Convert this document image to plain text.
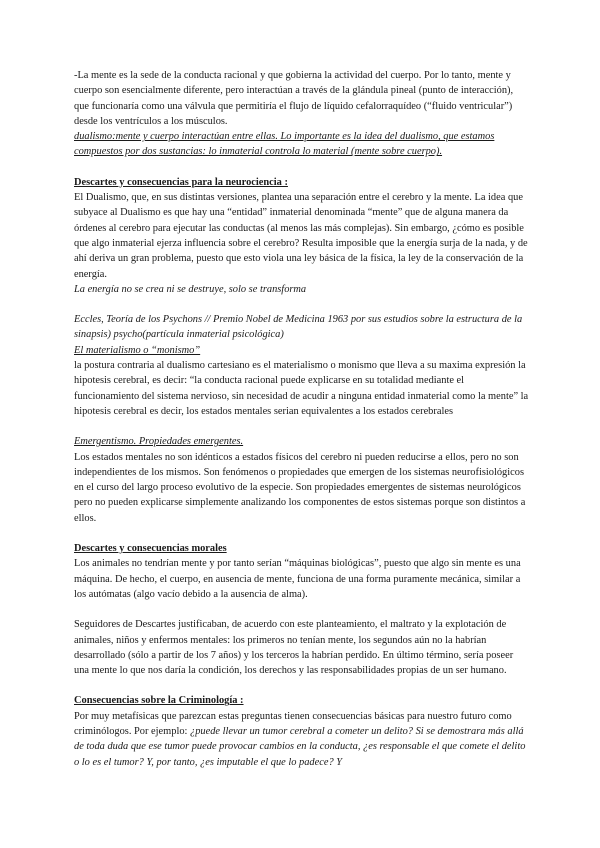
-La mente es la sede de la conducta racional y que gobierna la actividad del cuerpo. Por lo tanto, mente y cuerpo son esencialmente diferente, pero interactúan a través de la glándula pineal (punto de interacción), que funcionaría como una válvula que permitiría el flujo de líquido cefalorraquídeo (“fluido ventricular”) desde los ventrículos a los músculos.

dualismo:mente y cuerpo interactúan entre ellas. Lo importante es la idea del dualismo, que estamos compuestos por dos sustancias: lo inmaterial controla lo material (mente sobre cuerpo).

Descartes y consecuencias para la neurociencia :

El Dualismo, que, en sus distintas versiones, plantea una separación entre el cerebro y la mente. La idea que subyace al Dualismo es que hay una “entidad” inmaterial denominada “mente” que de alguna manera da órdenes al cerebro para ejecutar las conductas (al menos las más complejas). Sin embargo, ¿cómo es posible que algo inmaterial ejerza influencia sobre el cerebro? Resulta imposible que la energía surja de la nada, y de ahí deriva un gran problema, puesto que esto viola una ley básica de la física, la ley de la conservación de la energía.

La energía no se crea ni se destruye, solo se transforma

Eccles, Teoría de los Psychons // Premio Nobel de Medicina 1963 por sus estudios sobre la estructura de la sinapsis) psycho(partícula inmaterial psicológica)

El materialismo o “monismo”

la postura contraria al dualismo cartesiano es el materialismo o monismo que lleva a su maxima expresión la hipotesis cerebral, es decir: “la conducta racional puede explicarse en su totalidad mediante el funcionamiento del sistema nervioso, sin necesidad de acudir a ninguna entidad inmaterial como la mente” la hipotesis cerebral es decir, los estados mentales serian equivalentes a los estados cerebrales

Emergentismo. Propiedades emergentes.

Los estados mentales no son idénticos a estados físicos del cerebro ni pueden reducirse a ellos, pero no son independientes de los mismos. Son fenómenos o propiedades que emergen de los sistemas neurofisiológicos en el curso del largo proceso evolutivo de la especie. Son propiedades emergentes de sistemas neurológicos pero no pueden explicarse simplemente analizando los componentes de estos sistemas porque son distintos a ellos.

Descartes y consecuencias morales

Los animales no tendrían mente y por tanto serían “máquinas biológicas”, puesto que algo sin mente es una máquina. De hecho, el cuerpo, en ausencia de mente, funciona de una forma puramente mecánica, similar a los autómatas (algo vacío debido a la ausencia de alma).

Seguidores de Descartes justificaban, de acuerdo con este planteamiento, el maltrato y la explotación de animales, niños y enfermos mentales: los primeros no tenían mente, los segundos aún no la habrían desarrollado (sólo a partir de los 7 años) y los terceros la habrían perdido. En último término, sería poseer una mente lo que nos daría la condición, los derechos y las responsabilidades propias de un ser humano.

Consecuencias sobre la Criminología :

Por muy metafísicas que parezcan estas preguntas tienen consecuencias básicas para nuestro futuro como criminólogos. Por ejemplo: ¿puede llevar un tumor cerebral a cometer un delito? Si se demostrara más allá de toda duda que ese tumor puede provocar cambios en la conducta, ¿es responsable el que comete el delito o lo es el tumor? Y, por tanto, ¿es imputable el que lo padece? Y
